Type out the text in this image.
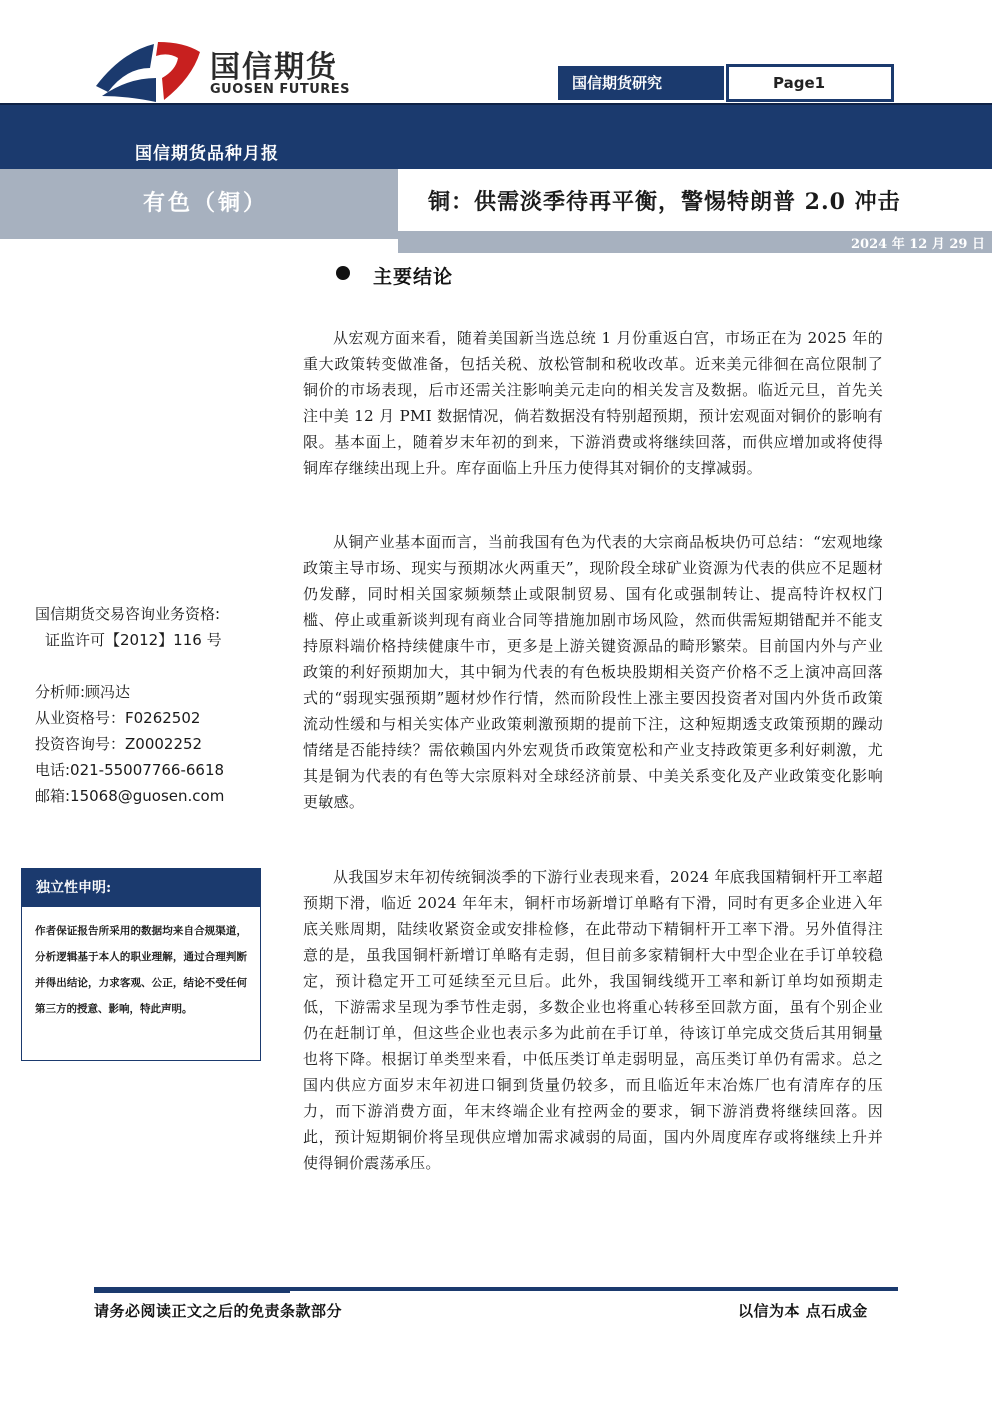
国信期货
GUOSEN FUTURES	国信期货研究	Page1
国信期货品种月报
有色（铜）	铜：供需淡季待再平衡，警惕特朗普 2.0 冲击
2024 年 12 月 29 日
主要结论
从宏观方面来看，随着美国新当选总统 1 月份重返白宫，市场正在为 2025 年的重大政策转变做准备，包括关税、放松管制和税收改革。近来美元徘徊在高位限制了铜价的市场表现，后市还需关注影响美元走向的相关发言及数据。临近元旦，首先关注中美 12 月 PMI 数据情况，倘若数据没有特别超预期，预计宏观面对铜价的影响有限。基本面上，随着岁末年初的到来，下游消费或将继续回落，而供应增加或将使得铜库存继续出现上升。库存面临上升压力使得其对铜价的支撑减弱。
从铜产业基本面而言，当前我国有色为代表的大宗商品板块仍可总结：“宏观地缘政策主导市场、现实与预期冰火两重天”，现阶段全球矿业资源为代表的供应不足题材仍发酵，同时相关国家频频禁止或限制贸易、国有化或强制转让、提高特许权权门槛、停止或重新谈判现有商业合同等措施加剧市场风险，然而供需短期错配并不能支持原料端价格持续健康牛市，更多是上游关键资源品的畸形繁荣。目前国内外与产业政策的利好预期加大，其中铜为代表的有色板块股期相关资产价格不乏上演冲高回落式的“弱现实强预期”题材炒作行情，然而阶段性上涨主要因投资者对国内外货币政策流动性缓和与相关实体产业政策刺激预期的提前下注，这种短期透支政策预期的躁动情绪是否能持续？需依赖国内外宏观货币政策宽松和产业支持政策更多利好刺激，尤其是铜为代表的有色等大宗原料对全球经济前景、中美关系变化及产业政策变化影响更敏感。
从我国岁末年初传统铜淡季的下游行业表现来看，2024 年底我国精铜杆开工率超预期下滑，临近 2024 年年末，铜杆市场新增订单略有下滑，同时有更多企业进入年底关账周期，陆续收紧资金或安排检修，在此带动下精铜杆开工率下滑。另外值得注意的是，虽我国铜杆新增订单略有走弱，但目前多家精铜杆大中型企业在手订单较稳定，预计稳定开工可延续至元旦后。此外，我国铜线缆开工率和新订单均如预期走低，下游需求呈现为季节性走弱，多数企业也将重心转移至回款方面，虽有个别企业仍在赶制订单，但这些企业也表示多为此前在手订单，待该订单完成交货后其用铜量也将下降。根据订单类型来看，中低压类订单走弱明显，高压类订单仍有需求。总之国内供应方面岁末年初进口铜到货量仍较多，而且临近年末冶炼厂也有清库存的压力，而下游消费方面，年末终端企业有控两金的要求，铜下游消费将继续回落。因此，预计短期铜价将呈现供应增加需求减弱的局面，国内外周度库存或将继续上升并使得铜价震荡承压。
国信期货交易咨询业务资格:
证监许可【2012】116 号
分析师:顾冯达
从业资格号：F0262502
投资咨询号：Z0002252
电话:021-55007766-6618
邮箱:15068@guosen.com
独立性申明:
作者保证报告所采用的数据均来自合规渠道，分析逻辑基于本人的职业理解，通过合理判断并得出结论，力求客观、公正，结论不受任何第三方的授意、影响，特此声明。
请务必阅读正文之后的免责条款部分	以信为本 点石成金
